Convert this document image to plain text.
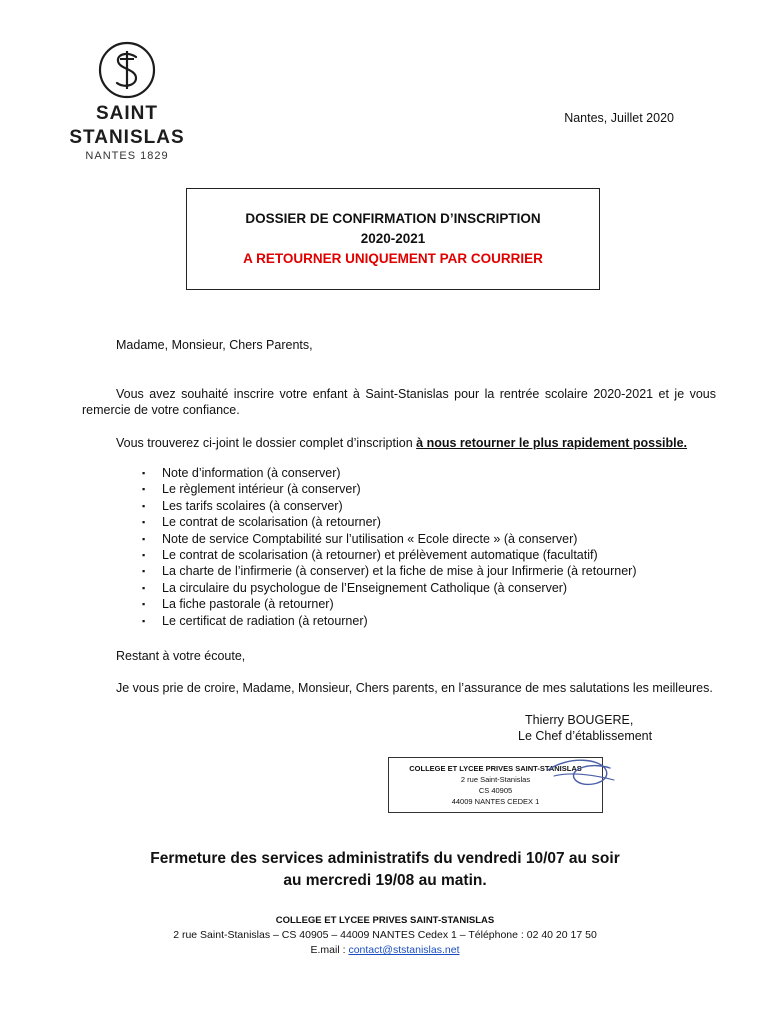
SAINT
STANISLAS
NANTES 1829
Nantes, Juillet 2020
DOSSIER DE CONFIRMATION D’INSCRIPTION
2020-2021
A RETOURNER UNIQUEMENT PAR COURRIER
Madame, Monsieur, Chers Parents,
Vous avez souhaité inscrire votre enfant à Saint-Stanislas pour la rentrée scolaire 2020-2021 et je vous remercie de votre confiance.
Vous trouverez ci-joint le dossier complet d’inscription à nous retourner le plus rapidement possible.
▪ Note d’information (à conserver)
▪ Le règlement intérieur (à conserver)
▪ Les tarifs scolaires (à conserver)
▪ Le contrat de scolarisation (à retourner)
▪ Note de service Comptabilité sur l’utilisation « Ecole directe » (à conserver)
▪ Le contrat de scolarisation (à retourner) et prélèvement automatique (facultatif)
▪ La charte de l’infirmerie (à conserver) et la fiche de mise à jour Infirmerie (à retourner)
▪ La circulaire du psychologue de l’Enseignement Catholique (à conserver)
▪ La fiche pastorale (à retourner)
▪ Le certificat de radiation (à retourner)
Restant à votre écoute,
Je vous prie de croire, Madame, Monsieur, Chers parents, en l’assurance de mes salutations les meilleures.
Thierry BOUGERE,
Le Chef d’établissement
COLLEGE ET LYCEE PRIVES SAINT-STANISLAS
2 rue Saint-Stanislas
CS 40905
44009 NANTES CEDEX 1
Fermeture des services administratifs du vendredi 10/07 au soir
au mercredi 19/08 au matin.
COLLEGE ET LYCEE PRIVES SAINT-STANISLAS
2 rue Saint-Stanislas – CS 40905 – 44009 NANTES Cedex 1 – Téléphone : 02 40 20 17 50
E.mail : contact@ststanislas.net
